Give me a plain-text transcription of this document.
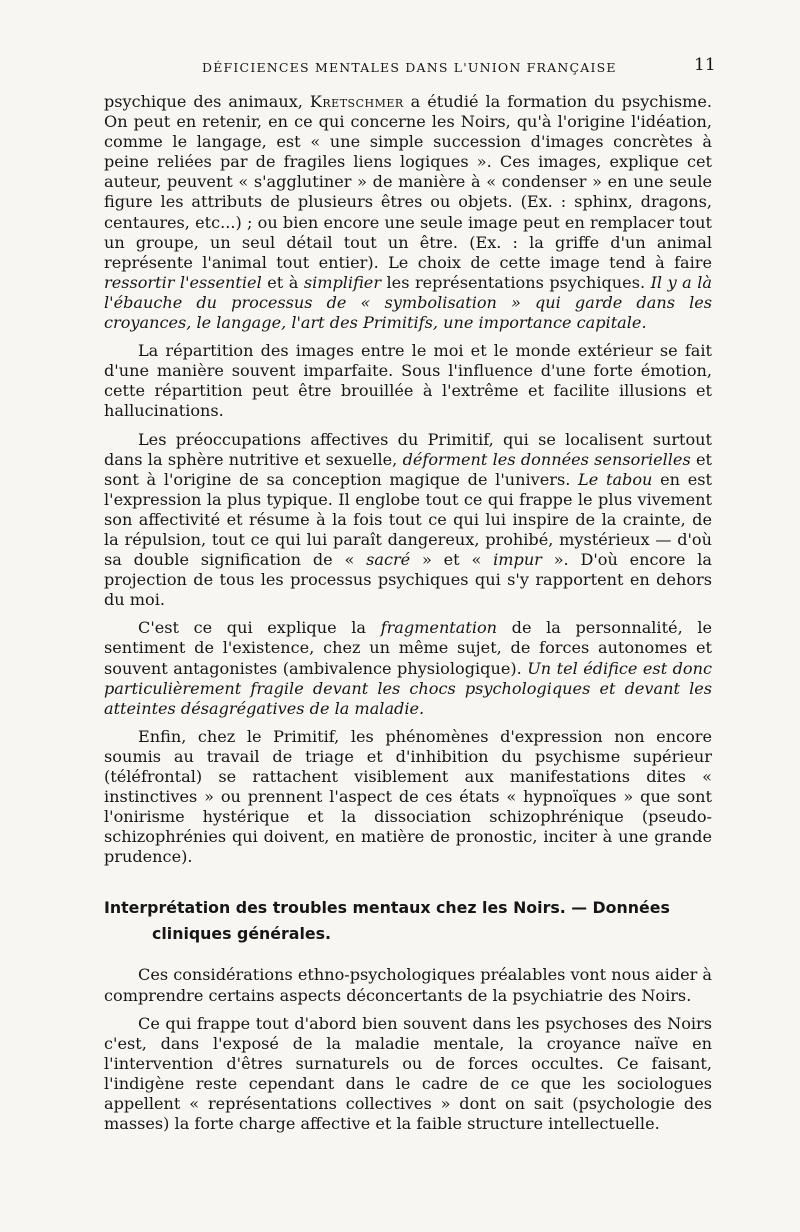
DÉFICIENCES MENTALES DANS L'UNION FRANÇAISE	11

psychique des animaux, Kretschmer a étudié la formation du psychisme. On peut en retenir, en ce qui concerne les Noirs, qu'à l'origine l'idéation, comme le langage, est « une simple succession d'images concrètes à peine reliées par de fragiles liens logiques ». Ces images, explique cet auteur, peuvent « s'agglutiner » de manière à « condenser » en une seule figure les attributs de plusieurs êtres ou objets. (Ex. : sphinx, dragons, centaures, etc...) ; ou bien encore une seule image peut en remplacer tout un groupe, un seul détail tout un être. (Ex. : la griffe d'un animal représente l'animal tout entier). Le choix de cette image tend à faire ressortir l'essentiel et à simplifier les représentations psychiques. Il y a là l'ébauche du processus de « symbolisation » qui garde dans les croyances, le langage, l'art des Primitifs, une importance capitale.

La répartition des images entre le moi et le monde extérieur se fait d'une manière souvent imparfaite. Sous l'influence d'une forte émotion, cette répartition peut être brouillée à l'extrême et facilite illusions et hallucinations.

Les préoccupations affectives du Primitif, qui se localisent surtout dans la sphère nutritive et sexuelle, déforment les données sensorielles et sont à l'origine de sa conception magique de l'univers. Le tabou en est l'expression la plus typique. Il englobe tout ce qui frappe le plus vivement son affectivité et résume à la fois tout ce qui lui inspire de la crainte, de la répulsion, tout ce qui lui paraît dangereux, prohibé, mystérieux — d'où sa double signification de « sacré » et « impur ». D'où encore la projection de tous les processus psychiques qui s'y rapportent en dehors du moi.

C'est ce qui explique la fragmentation de la personnalité, le sentiment de l'existence, chez un même sujet, de forces autonomes et souvent antagonistes (ambivalence physiologique). Un tel édifice est donc particulièrement fragile devant les chocs psychologiques et devant les atteintes désagrégatives de la maladie.

Enfin, chez le Primitif, les phénomènes d'expression non encore soumis au travail de triage et d'inhibition du psychisme supérieur (téléfrontal) se rattachent visiblement aux manifestations dites « instinctives » ou prennent l'aspect de ces états « hypnoïques » que sont l'onirisme hystérique et la dissociation schizophrénique (pseudo-schizophrénies qui doivent, en matière de pronostic, inciter à une grande prudence).

Interprétation des troubles mentaux chez les Noirs. — Données
cliniques générales.

Ces considérations ethno-psychologiques préalables vont nous aider à comprendre certains aspects déconcertants de la psychiatrie des Noirs.

Ce qui frappe tout d'abord bien souvent dans les psychoses des Noirs c'est, dans l'exposé de la maladie mentale, la croyance naïve en l'intervention d'êtres surnaturels ou de forces occultes. Ce faisant, l'indigène reste cependant dans le cadre de ce que les sociologues appellent « représentations collectives » dont on sait (psychologie des masses) la forte charge affective et la faible structure intellectuelle.
